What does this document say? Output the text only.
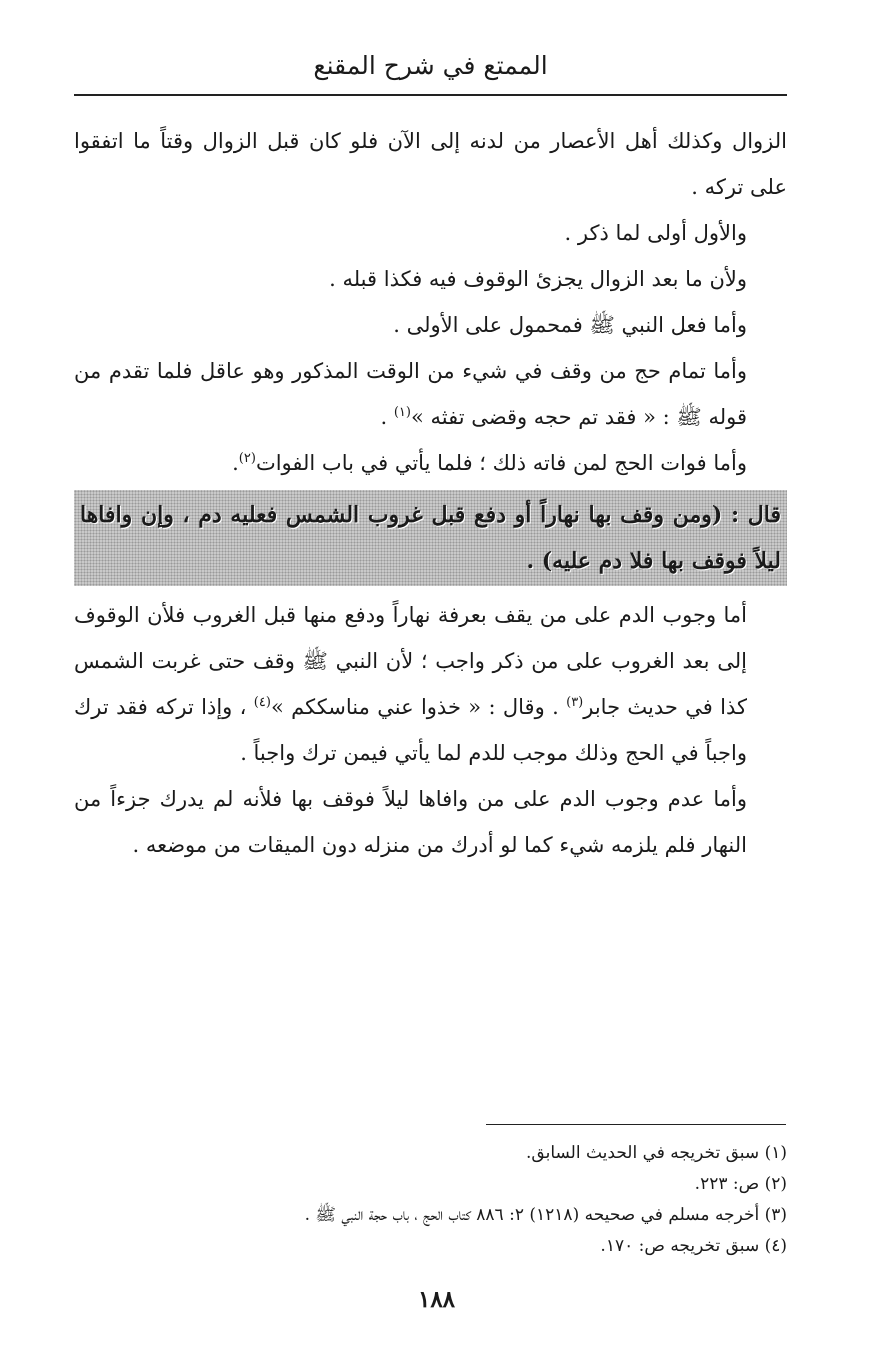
الممتع في شرح المقنع

الزوال وكذلك أهل الأعصار من لدنه إلى الآن فلو كان قبل الزوال وقتاً ما اتفقوا على تركه .

والأول أولى لما ذكر .

ولأن ما بعد الزوال يجزئ الوقوف فيه فكذا قبله .

وأما فعل النبي ﷺ فمحمول على الأولى .

وأما تمام حج من وقف في شيء من الوقت المذكور وهو عاقل فلما تقدم من قوله ﷺ : « فقد تم حجه وقضى تفثه »$^{(١)}$ .

وأما فوات الحج لمن فاته ذلك ؛ فلما يأتي في باب الفوات$^{(٢)}$.

قال : (ومن وقف بها نهاراً أو دفع قبل غروب الشمس فعليه دم ، وإن وافاها ليلاً فوقف بها فلا دم عليه) .

أما وجوب الدم على من يقف بعرفة نهاراً ودفع منها قبل الغروب فلأن الوقوف إلى بعد الغروب على من ذكر واجب ؛ لأن النبي ﷺ وقف حتى غربت الشمس كذا في حديث جابر$^{(٣)}$ . وقال : « خذوا عني مناسككم »$^{(٤)}$ ، وإذا تركه فقد ترك واجباً في الحج وذلك موجب للدم لما يأتي فيمن ترك واجباً .

وأما عدم وجوب الدم على من وافاها ليلاً فوقف بها فلأنه لم يدرك جزءاً من النهار فلم يلزمه شيء كما لو أدرك من منزله دون الميقات من موضعه .

(١) سبق تخريجه في الحديث السابق.
(٢) ص: ٢٢٣.
(٣) أخرجه مسلم في صحيحه (١٢١٨) ٢: ٨٨٦ كتاب الحج ، باب حجة النبي ﷺ .
(٤) سبق تخريجه ص: ١٧٠.
١٨٨
